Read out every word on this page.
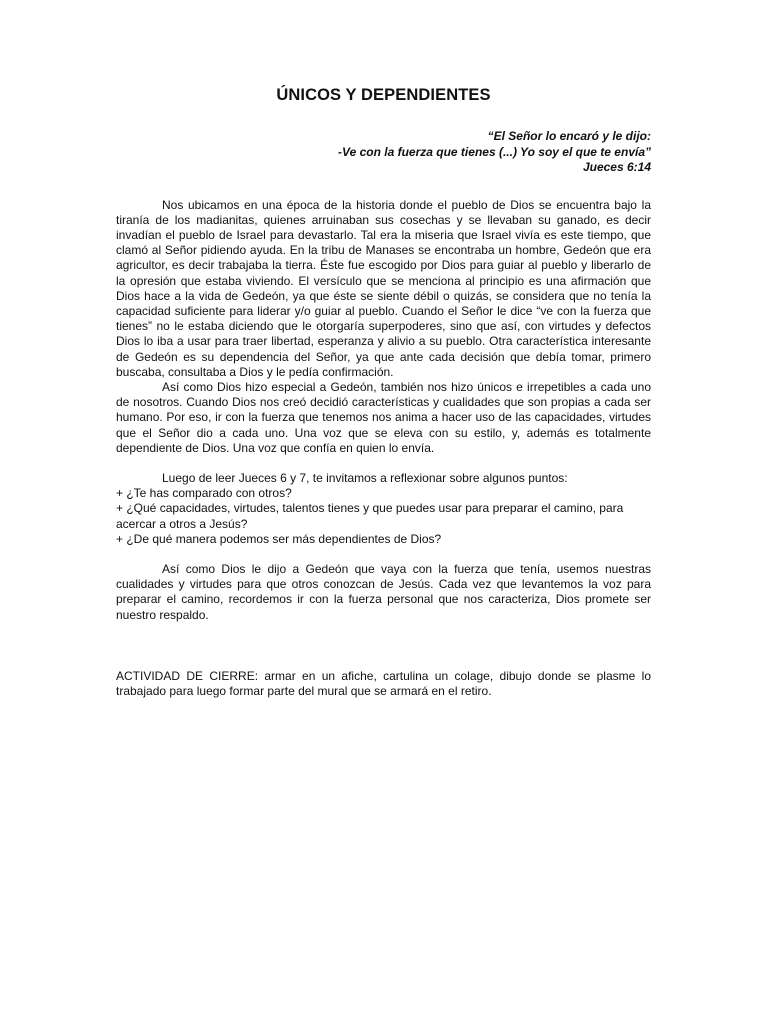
ÚNICOS Y DEPENDIENTES
“El Señor lo encaró y le dijo:
-Ve con la fuerza que tienes (...) Yo soy el que te envía”
Jueces 6:14

Nos ubicamos en una época de la historia donde el pueblo de Dios se encuentra bajo la tiranía de los madianitas, quienes arruinaban sus cosechas y se llevaban su ganado, es decir invadían el pueblo de Israel para devastarlo. Tal era la miseria que Israel vivía es este tiempo, que clamó al Señor pidiendo ayuda. En la tribu de Manases se encontraba un hombre, Gedeón que era agricultor, es decir trabajaba la tierra. Éste fue escogido por Dios para guiar al pueblo y liberarlo de la opresión que estaba viviendo. El versículo que se menciona al principio es una afirmación que Dios hace a la vida de Gedeón, ya que éste se siente débil o quizás, se considera que no tenía la capacidad suficiente para liderar y/o guiar al pueblo. Cuando el Señor le dice “ve con la fuerza que tienes” no le estaba diciendo que le otorgaría superpoderes, sino que así, con virtudes y defectos Dios lo iba a usar para traer libertad, esperanza y alivio a su pueblo. Otra característica interesante de Gedeón es su dependencia del Señor, ya que ante cada decisión que debía tomar, primero buscaba, consultaba a Dios y le pedía confirmación.

Así como Dios hizo especial a Gedeón, también nos hizo únicos e irrepetibles a cada uno de nosotros. Cuando Dios nos creó decidió características y cualidades que son propias a cada ser humano. Por eso, ir con la fuerza que tenemos nos anima a hacer uso de las capacidades, virtudes que el Señor dio a cada uno. Una voz que se eleva con su estilo, y, además es totalmente dependiente de Dios. Una voz que confía en quien lo envía.

Luego de leer Jueces 6 y 7, te invitamos a reflexionar sobre algunos puntos:

+ ¿Te has comparado con otros?

+ ¿Qué capacidades, virtudes, talentos tienes y que puedes usar para preparar el camino, para acercar a otros a Jesús?

+ ¿De qué manera podemos ser más dependientes de Dios?

Así como Dios le dijo a Gedeón que vaya con la fuerza que tenía, usemos nuestras cualidades y virtudes para que otros conozcan de Jesús. Cada vez que levantemos la voz para preparar el camino, recordemos ir con la fuerza personal que nos caracteriza, Dios promete ser nuestro respaldo.

ACTIVIDAD DE CIERRE: armar en un afiche, cartulina un colage, dibujo donde se plasme lo trabajado para luego formar parte del mural que se armará en el retiro.
